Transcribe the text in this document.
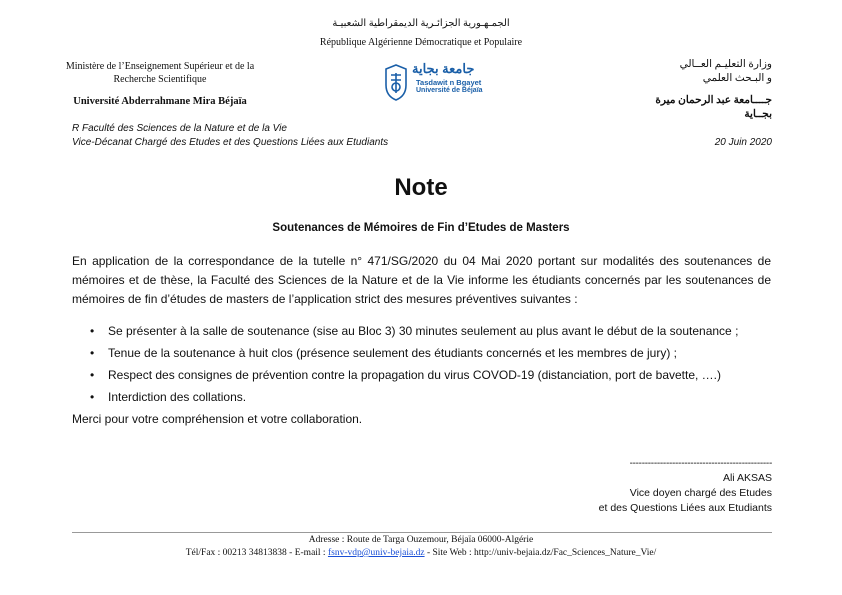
الجمـهـورية الجزائـرية الديمقراطية الشعبيـة
République Algérienne Démocratique et Populaire
Ministère de l’Enseignement Supérieur et de la Recherche Scientifique
Université Abderrahmane Mira Béjaïa
R Faculté des Sciences de la Nature et de la Vie
Vice-Décanat Chargé des Etudes et des Questions Liées aux Etudiants
جامعة بجاية
Tasdawit n Bgayet
Université de Béjaïa
وزارة التعليـم العــالي
و البـحث العلمي
جــــامعة عبد الرحمان ميرة
بجــاية
20 Juin 2020
Note
Soutenances de Mémoires de Fin d’Etudes de Masters
En application de la correspondance de la tutelle n° 471/SG/2020 du 04 Mai 2020 portant sur modalités des soutenances de mémoires et de thèse, la Faculté des Sciences de la Nature et de la Vie informe les étudiants concernés par les soutenances de mémoires de fin d’études de masters de l’application strict des mesures préventives suivantes :
• Se présenter à la salle de soutenance (sise au Bloc 3) 30 minutes seulement au plus avant le début de la soutenance ;
• Tenue de la soutenance à huit clos (présence seulement des étudiants concernés et les membres de jury) ;
• Respect des consignes de prévention contre la propagation du virus COVOD-19 (distanciation, port de bavette, ….)
• Interdiction des collations.
Merci pour votre compréhension et votre collaboration.
-----------------------------------------------
Ali AKSAS
Vice doyen chargé des Etudes
et des Questions Liées aux Etudiants
Adresse : Route de Targa Ouzemour, Béjaïa 06000-Algérie
Tél/Fax : 00213 34813838 - E-mail : fsnv-vdp@univ-bejaia.dz - Site Web : http://univ-bejaia.dz/Fac_Sciences_Nature_Vie/
